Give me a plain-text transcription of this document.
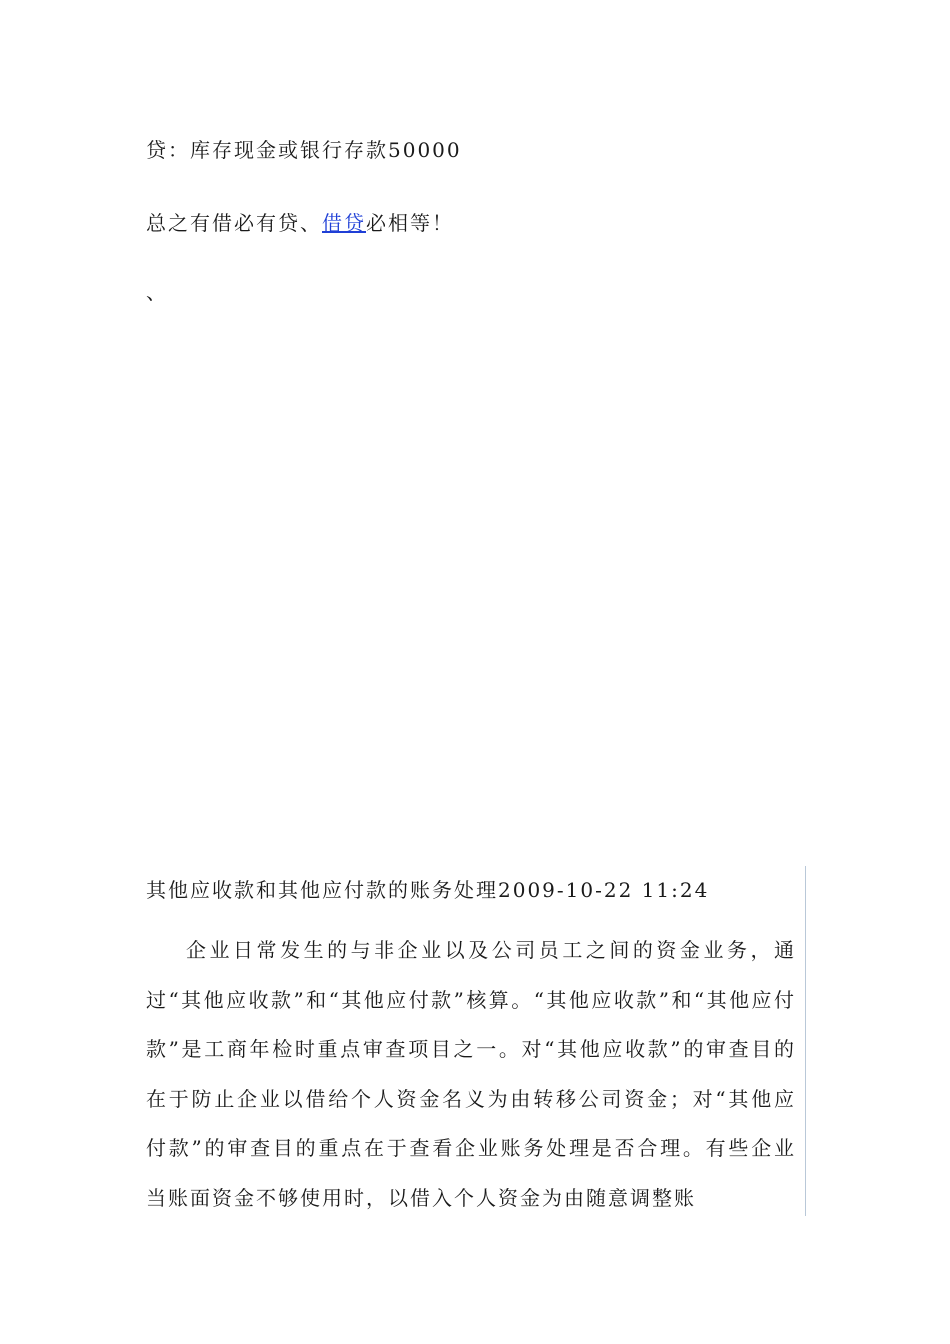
贷：库存现金或银行存款50000
总之有借必有贷、借贷必相等！
、
其他应收款和其他应付款的账务处理2009-10-22 11:24

企业日常发生的与非企业以及公司员工之间的资金业务，通过“其他应收款”和“其他应付款”核算。“其他应收款”和“其他应付款”是工商年检时重点审查项目之一。对“其他应收款”的审查目的在于防止企业以借给个人资金名义为由转移公司资金；对“其他应付款”的审查目的重点在于查看企业账务处理是否合理。有些企业当账面资金不够使用时，以借入个人资金为由随意调整账
